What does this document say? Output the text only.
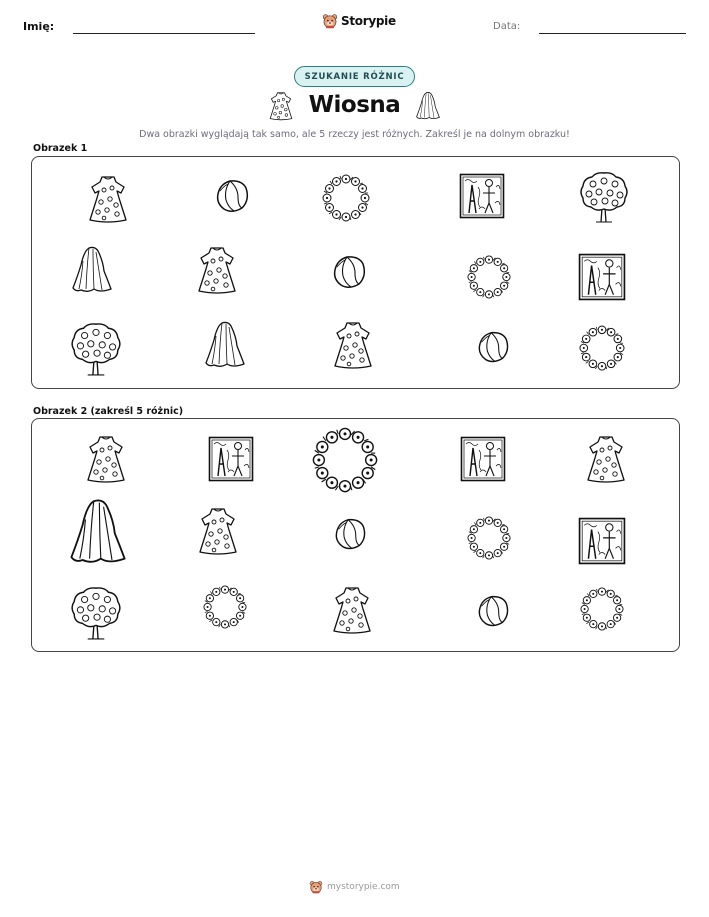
Imię:	Storypie	Data:
SZUKANIE RÓŻNIC
Wiosna
Dwa obrazki wyglądają tak samo, ale 5 rzeczy jest różnych. Zakreśl je na dolnym obrazku!
Obrazek 1
Obrazek 2 (zakreśl 5 różnic)
mystorypie.com
